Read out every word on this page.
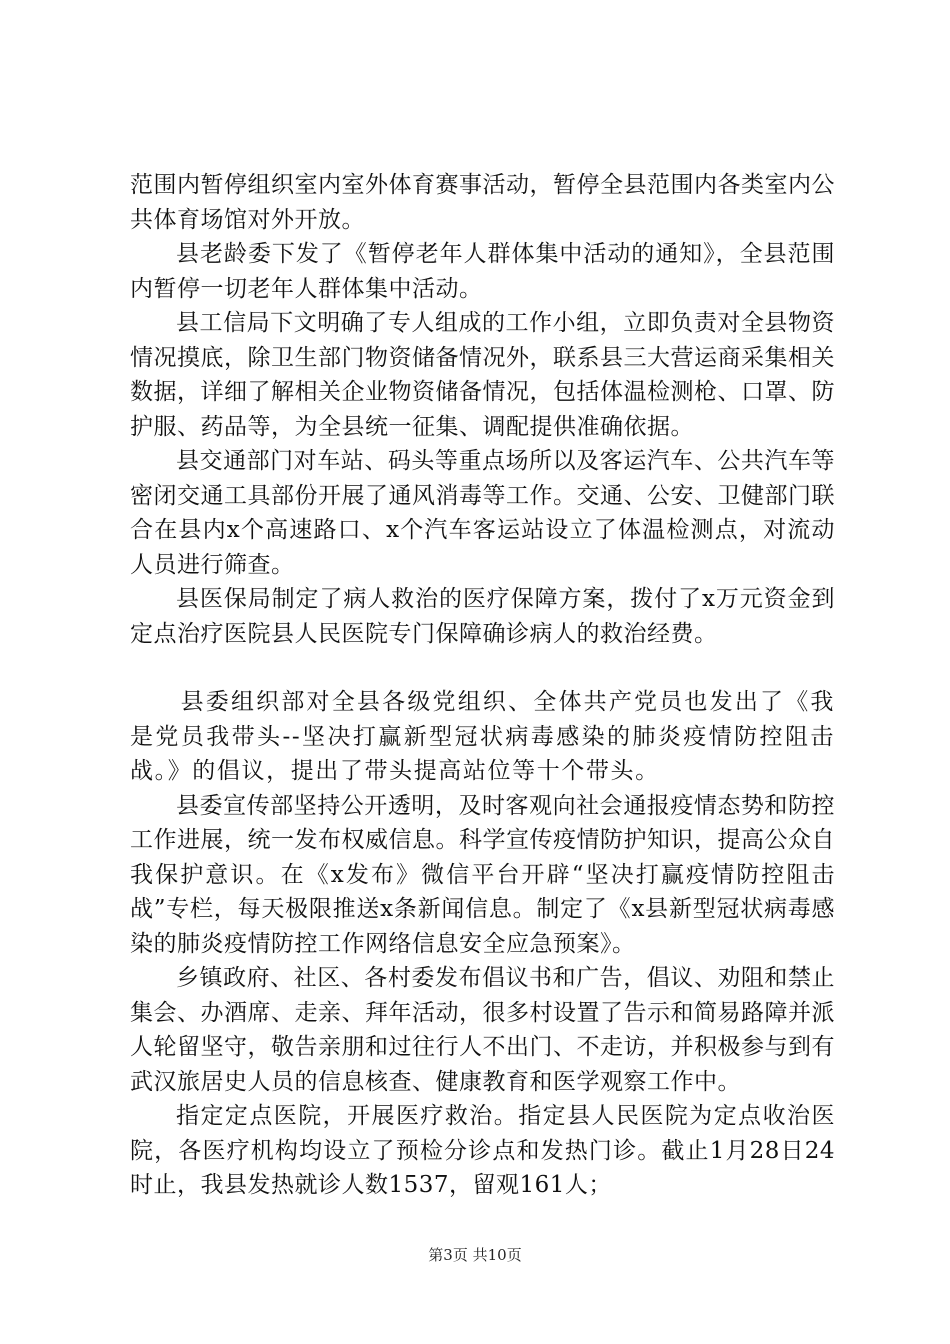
范围内暂停组织室内室外体育赛事活动，暂停全县范围内各类室内公共体育场馆对外开放。

县老龄委下发了《暂停老年人群体集中活动的通知》，全县范围内暂停一切老年人群体集中活动。

县工信局下文明确了专人组成的工作小组，立即负责对全县物资情况摸底，除卫生部门物资储备情况外，联系县三大营运商采集相关数据，详细了解相关企业物资储备情况，包括体温检测枪、口罩、防护服、药品等，为全县统一征集、调配提供准确依据。

县交通部门对车站、码头等重点场所以及客运汽车、公共汽车等密闭交通工具部份开展了通风消毒等工作。交通、公安、卫健部门联合在县内x个高速路口、x个汽车客运站设立了体温检测点，对流动人员进行筛查。

县医保局制定了病人救治的医疗保障方案，拨付了x万元资金到定点治疗医院县人民医院专门保障确诊病人的救治经费。

县委组织部对全县各级党组织、全体共产党员也发出了《我是党员我带头--坚决打赢新型冠状病毒感染的肺炎疫情防控阻击战。》的倡议，提出了带头提高站位等十个带头。

县委宣传部坚持公开透明，及时客观向社会通报疫情态势和防控工作进展，统一发布权威信息。科学宣传疫情防护知识，提高公众自我保护意识。在《x发布》微信平台开辟“坚决打赢疫情防控阻击战”专栏，每天极限推送x条新闻信息。制定了《x县新型冠状病毒感染的肺炎疫情防控工作网络信息安全应急预案》。

乡镇政府、社区、各村委发布倡议书和广告，倡议、劝阻和禁止集会、办酒席、走亲、拜年活动，很多村设置了告示和简易路障并派人轮留坚守，敬告亲朋和过往行人不出门、不走访，并积极参与到有武汉旅居史人员的信息核查、健康教育和医学观察工作中。

指定定点医院，开展医疗救治。指定县人民医院为定点收治医院，各医疗机构均设立了预检分诊点和发热门诊。截止1月28日24时止，我县发热就诊人数1537，留观161人；

第3页 共10页
